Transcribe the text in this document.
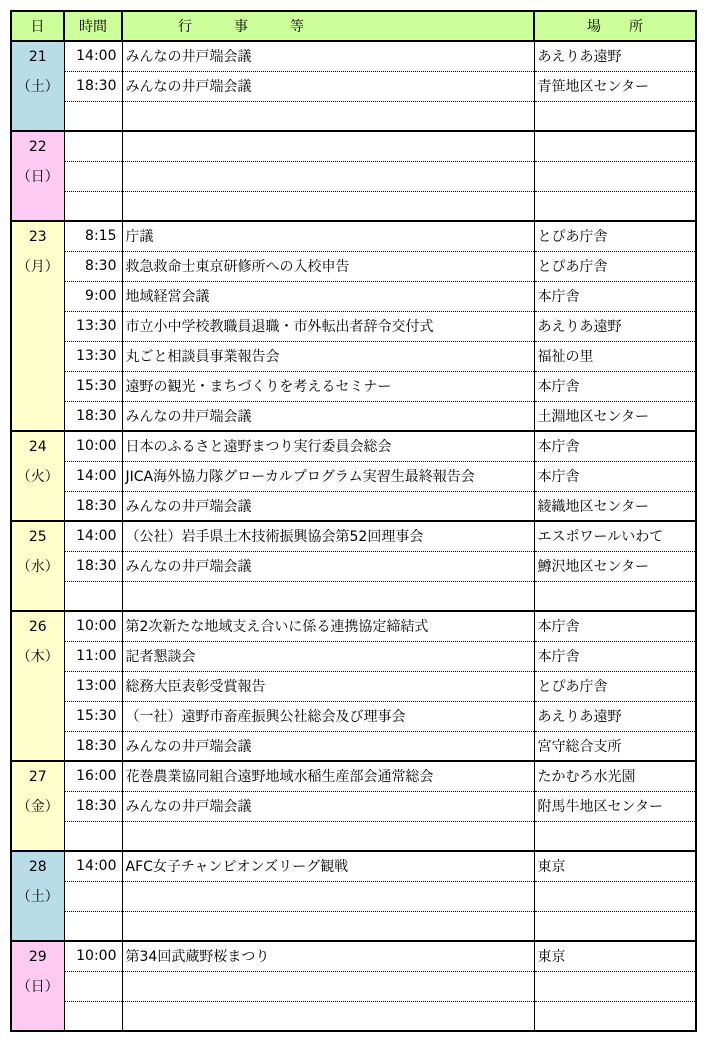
日	時間	行　　　事　　　等	場　　所

21
（土）	14:00	みんなの井戸端会議	あえりあ遠野
	18:30	みんなの井戸端会議	青笹地区センター

22
（日）			

23
（月）	8:15	庁議	とぴあ庁舎
	8:30	救急救命士東京研修所への入校申告	とぴあ庁舎
	9:00	地域経営会議	本庁舎
	13:30	市立小中学校教職員退職・市外転出者辞令交付式	あえりあ遠野
	13:30	丸ごと相談員事業報告会	福祉の里
	15:30	遠野の観光・まちづくりを考えるセミナー	本庁舎
	18:30	みんなの井戸端会議	土淵地区センター

24
（火）	10:00	日本のふるさと遠野まつり実行委員会総会	本庁舎
	14:00	JICA海外協力隊グローカルプログラム実習生最終報告会	本庁舎
	18:30	みんなの井戸端会議	綾織地区センター

25
（水）	14:00	（公社）岩手県土木技術振興協会第52回理事会	エスポワールいわて
	18:30	みんなの井戸端会議	鱒沢地区センター

26
（木）	10:00	第2次新たな地域支え合いに係る連携協定締結式	本庁舎
	11:00	記者懇談会	本庁舎
	13:00	総務大臣表彰受賞報告	とぴあ庁舎
	15:30	（一社）遠野市畜産振興公社総会及び理事会	あえりあ遠野
	18:30	みんなの井戸端会議	宮守総合支所

27
（金）	16:00	花巻農業協同組合遠野地域水稲生産部会通常総会	たかむろ水光園
	18:30	みんなの井戸端会議	附馬牛地区センター

28
（土）	14:00	AFC女子チャンピオンズリーグ観戦	東京

29
（日）	10:00	第34回武蔵野桜まつり	東京
